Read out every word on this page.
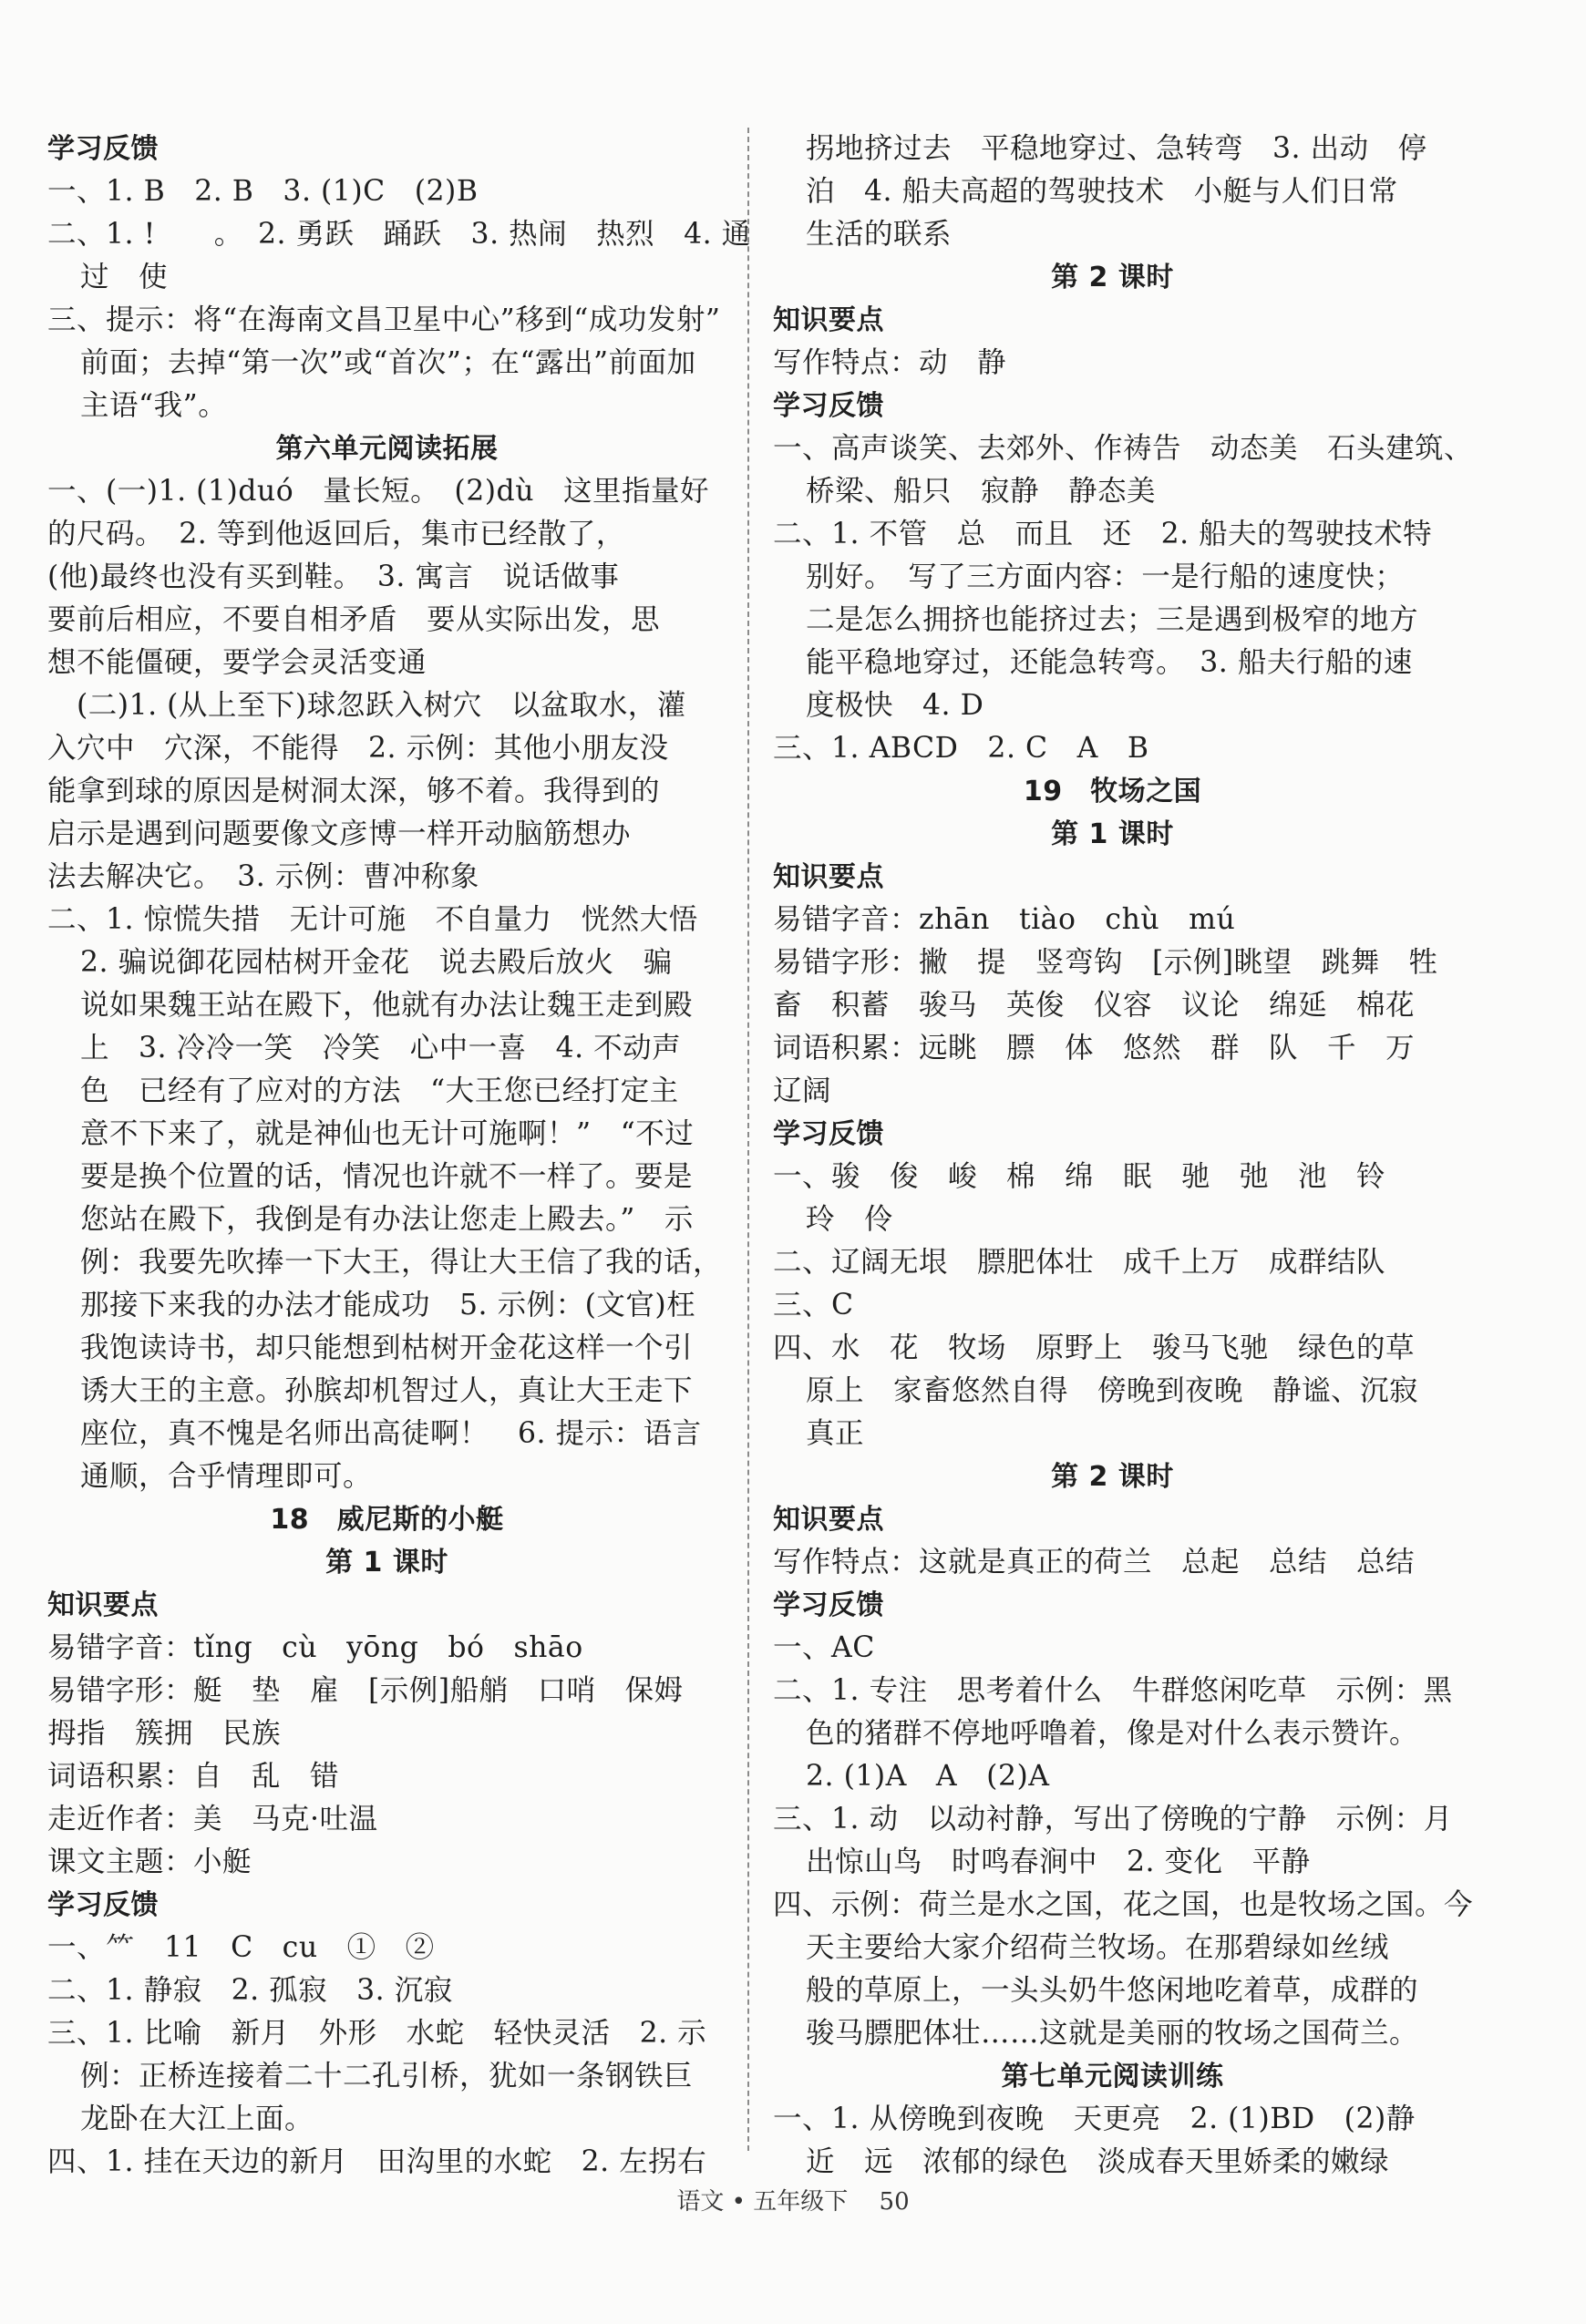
学习反馈
一、1. B　2. B　3. (1)C　(2)B
二、1. !　　。　2. 勇跃　踊跃　3. 热闹　热烈　4. 通
过　使
三、提示：将“在海南文昌卫星中心”移到“成功发射”
前面；去掉“第一次”或“首次”；在“露出”前面加
主语“我”。
第六单元阅读拓展
一、(一)1. (1)duó　量长短。　(2)dù　这里指量好
的尺码。　2. 等到他返回后，集市已经散了，
(他)最终也没有买到鞋。　3. 寓言　说话做事
要前后相应，不要自相矛盾　要从实际出发，思
想不能僵硬，要学会灵活变通
　(二)1. (从上至下)球忽跃入树穴　以盆取水，灌
入穴中　穴深，不能得　2. 示例：其他小朋友没
能拿到球的原因是树洞太深，够不着。我得到的
启示是遇到问题要像文彦博一样开动脑筋想办
法去解决它。　3. 示例：曹冲称象
二、1. 惊慌失措　无计可施　不自量力　恍然大悟
2. 骗说御花园枯树开金花　说去殿后放火　骗
说如果魏王站在殿下，他就有办法让魏王走到殿
上　3. 冷冷一笑　冷笑　心中一喜　4. 不动声
色　已经有了应对的方法　“大王您已经打定主
意不下来了，就是神仙也无计可施啊！”　“不过
要是换个位置的话，情况也许就不一样了。要是
您站在殿下，我倒是有办法让您走上殿去。”　示
例：我要先吹捧一下大王，得让大王信了我的话，
那接下来我的办法才能成功　5. 示例：(文官)枉
我饱读诗书，却只能想到枯树开金花这样一个引
诱大王的主意。孙膑却机智过人，真让大王走下
座位，真不愧是名师出高徒啊！　6. 提示：语言
通顺，合乎情理即可。
18　威尼斯的小艇
第 1 课时
知识要点
易错字音：tǐng　cù　yōng　bó　shāo
易错字形：艇　垫　雇　[示例]船艄　口哨　保姆
拇指　簇拥　民族
词语积累：自　乱　错
走近作者：美　马克·吐温
课文主题：小艇
学习反馈
一、⺮　11　C　cu　①　②
二、1. 静寂　2. 孤寂　3. 沉寂
三、1. 比喻　新月　外形　水蛇　轻快灵活　2. 示
例：正桥连接着二十二孔引桥，犹如一条钢铁巨
龙卧在大江上面。
四、1. 挂在天边的新月　田沟里的水蛇　2. 左拐右
拐地挤过去　平稳地穿过、急转弯　3. 出动　停
泊　4. 船夫高超的驾驶技术　小艇与人们日常
生活的联系
第 2 课时
知识要点
写作特点：动　静
学习反馈
一、高声谈笑、去郊外、作祷告　动态美　石头建筑、
桥梁、船只　寂静　静态美
二、1. 不管　总　而且　还　2. 船夫的驾驶技术特
别好。　写了三方面内容：一是行船的速度快；
二是怎么拥挤也能挤过去；三是遇到极窄的地方
能平稳地穿过，还能急转弯。　3. 船夫行船的速
度极快　4. D
三、1. ABCD　2. C　A　B
19　牧场之国
第 1 课时
知识要点
易错字音：zhān　tiào　chù　mú
易错字形：撇　提　竖弯钩　[示例]眺望　跳舞　牲
畜　积蓄　骏马　英俊　仪容　议论　绵延　棉花
词语积累：远眺　膘　体　悠然　群　队　千　万
辽阔
学习反馈
一、骏　俊　峻　棉　绵　眠　驰　弛　池　铃
玲　伶
二、辽阔无垠　膘肥体壮　成千上万　成群结队
三、C
四、水　花　牧场　原野上　骏马飞驰　绿色的草
原上　家畜悠然自得　傍晚到夜晚　静谧、沉寂
真正
第 2 课时
知识要点
写作特点：这就是真正的荷兰　总起　总结　总结
学习反馈
一、AC
二、1. 专注　思考着什么　牛群悠闲吃草　示例：黑
色的猪群不停地呼噜着，像是对什么表示赞许。
2. (1)A　A　(2)A
三、1. 动　以动衬静，写出了傍晚的宁静　示例：月
出惊山鸟　时鸣春涧中　2. 变化　平静
四、示例：荷兰是水之国，花之国，也是牧场之国。今
天主要给大家介绍荷兰牧场。在那碧绿如丝绒
般的草原上，一头头奶牛悠闲地吃着草，成群的
骏马膘肥体壮……这就是美丽的牧场之国荷兰。
第七单元阅读训练
一、1. 从傍晚到夜晚　天更亮　2. (1)BD　(2)静
近　远　浓郁的绿色　淡成春天里娇柔的嫩绿
语文 • 五年级下　 50
